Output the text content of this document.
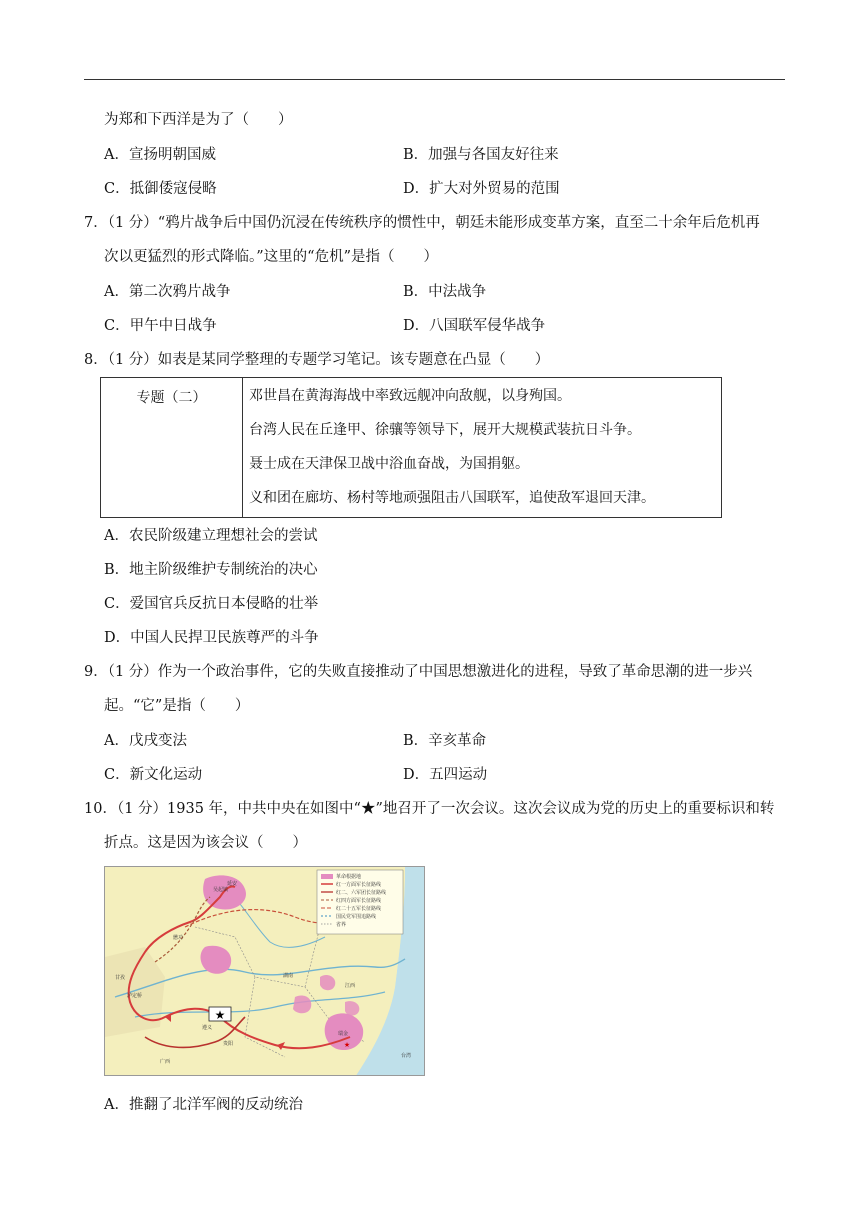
为郑和下西洋是为了（　　）
A．宣扬明朝国威	B．加强与各国友好往来
C．抵御倭寇侵略	D．扩大对外贸易的范围
7．（1 分）“鸦片战争后中国仍沉浸在传统秩序的惯性中，朝廷未能形成变革方案，直至二十余年后危机再
次以更猛烈的形式降临。”这里的“危机”是指（　　）
A．第二次鸦片战争	B．中法战争
C．甲午中日战争	D．八国联军侵华战争
8．（1 分）如表是某同学整理的专题学习笔记。该专题意在凸显（　　）
专题（二）	邓世昌在黄海海战中率致远舰冲向敌舰，以身殉国。
台湾人民在丘逢甲、徐骧等领导下，展开大规模武装抗日斗争。
聂士成在天津保卫战中浴血奋战，为国捐躯。
义和团在廊坊、杨村等地顽强阻击八国联军，追使敌军退回天津。
A．农民阶级建立理想社会的尝试
B．地主阶级维护专制统治的决心
C．爱国官兵反抗日本侵略的壮举
D．中国人民捍卫民族尊严的斗争
9．（1 分）作为一个政治事件，它的失败直接推动了中国思想激进化的进程，导致了革命思潮的进一步兴
起。“它”是指（　　）
A．戊戌变法	B．辛亥革命
C．新文化运动	D．五四运动
10．（1 分）1935 年，中共中央在如图中“★”地召开了一次会议。这次会议成为党的历史上的重要标识和转
折点。这是因为该会议（　　）
★
★
吴起镇
延安
懋功
甘孜
泸定桥
遵义
瑞金
贵阳
湖南
江西
广西
台湾
革命根据地
红一方面军长征路线
红二、六军团长征路线
红四方面军长征路线
红二十五军长征路线
国民党军围追路线
省界
A．推翻了北洋军阀的反动统治
